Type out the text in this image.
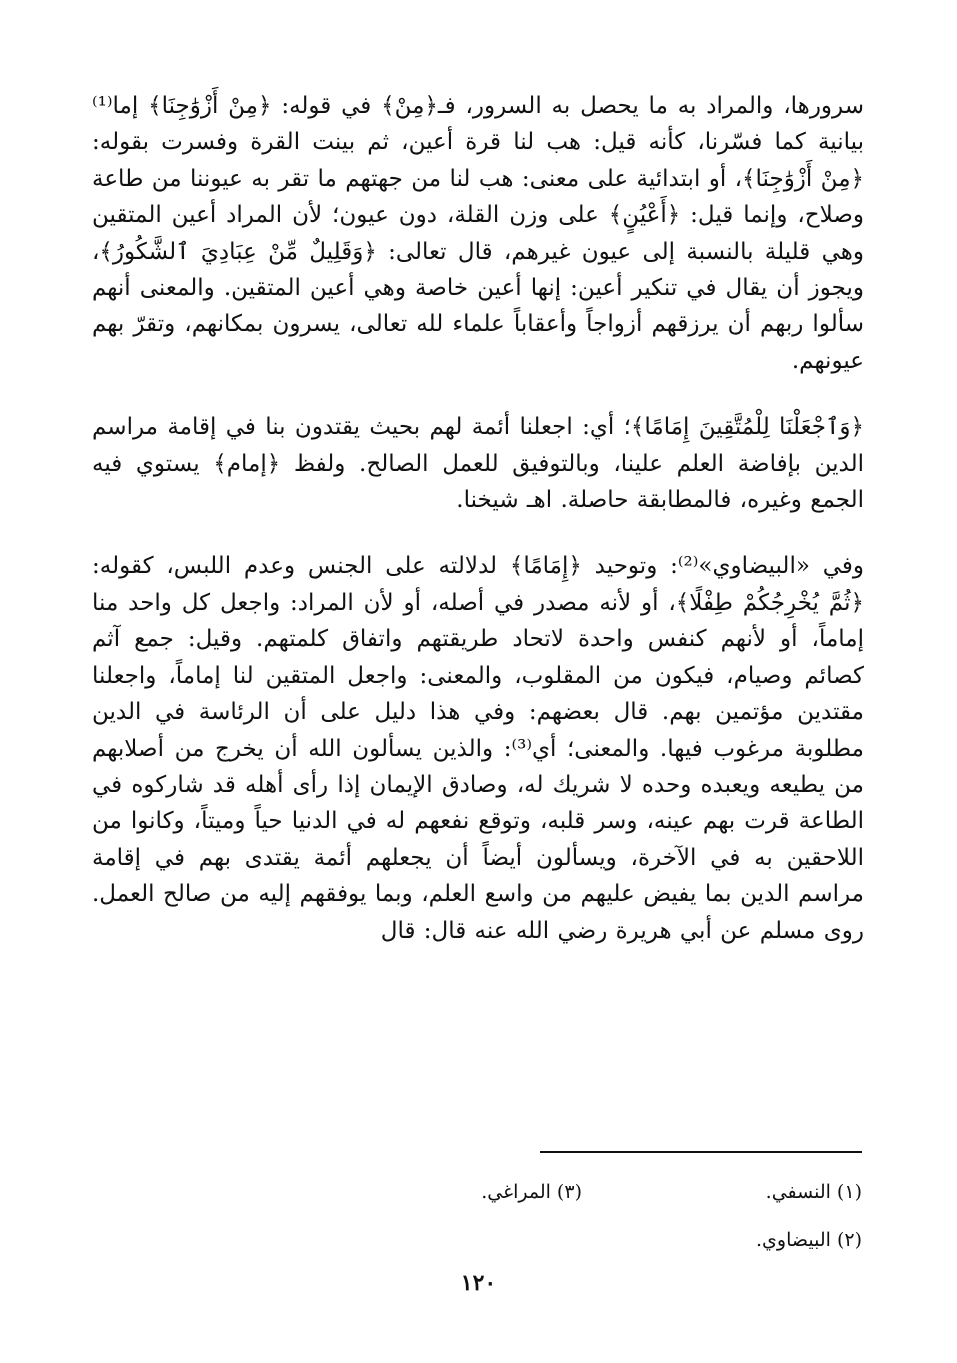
سرورها، والمراد به ما يحصل به السرور، فـ﴿مِنْ﴾ في قوله: ﴿مِنْ أَزْوَٰجِنَا﴾ إما⁽¹⁾ بيانية كما فسّرنا، كأنه قيل: هب لنا قرة أعين، ثم بينت القرة وفسرت بقوله: ﴿مِنْ أَزْوَٰجِنَا﴾، أو ابتدائية على معنى: هب لنا من جهتهم ما تقر به عيوننا من طاعة وصلاح، وإنما قيل: ﴿أَعْيُنٍ﴾ على وزن القلة، دون عيون؛ لأن المراد أعين المتقين وهي قليلة بالنسبة إلى عيون غيرهم، قال تعالى: ﴿وَقَلِيلٌ مِّنْ عِبَادِيَ ٱلشَّكُورُ﴾، ويجوز أن يقال في تنكير أعين: إنها أعين خاصة وهي أعين المتقين. والمعنى أنهم سألوا ربهم أن يرزقهم أزواجاً وأعقاباً علماء لله تعالى، يسرون بمكانهم، وتقرّ بهم عيونهم.

﴿وَٱجْعَلْنَا لِلْمُتَّقِينَ إِمَامًا﴾؛ أي: اجعلنا أئمة لهم بحيث يقتدون بنا في إقامة مراسم الدين بإفاضة العلم علينا، وبالتوفيق للعمل الصالح. ولفظ ﴿إمام﴾ يستوي فيه الجمع وغيره، فالمطابقة حاصلة. اهـ شيخنا.

وفي «البيضاوي»⁽²⁾: وتوحيد ﴿إِمَامًا﴾ لدلالته على الجنس وعدم اللبس، كقوله: ﴿ثُمَّ يُخْرِجُكُمْ طِفْلًا﴾، أو لأنه مصدر في أصله، أو لأن المراد: واجعل كل واحد منا إماماً، أو لأنهم كنفس واحدة لاتحاد طريقتهم واتفاق كلمتهم. وقيل: جمع آثم كصائم وصيام، فيكون من المقلوب، والمعنى: واجعل المتقين لنا إماماً، واجعلنا مقتدين مؤتمين بهم. قال بعضهم: وفي هذا دليل على أن الرئاسة في الدين مطلوبة مرغوب فيها. والمعنى؛ أي⁽³⁾: والذين يسألون الله أن يخرج من أصلابهم من يطيعه ويعبده وحده لا شريك له، وصادق الإيمان إذا رأى أهله قد شاركوه في الطاعة قرت بهم عينه، وسر قلبه، وتوقع نفعهم له في الدنيا حياً وميتاً، وكانوا من اللاحقين به في الآخرة، ويسألون أيضاً أن يجعلهم أئمة يقتدى بهم في إقامة مراسم الدين بما يفيض عليهم من واسع العلم، وبما يوفقهم إليه من صالح العمل. روى مسلم عن أبي هريرة رضي الله عنه قال: قال

(١) النسفي.
(٣) المراغي.
(٢) البيضاوي.
١٢٠
